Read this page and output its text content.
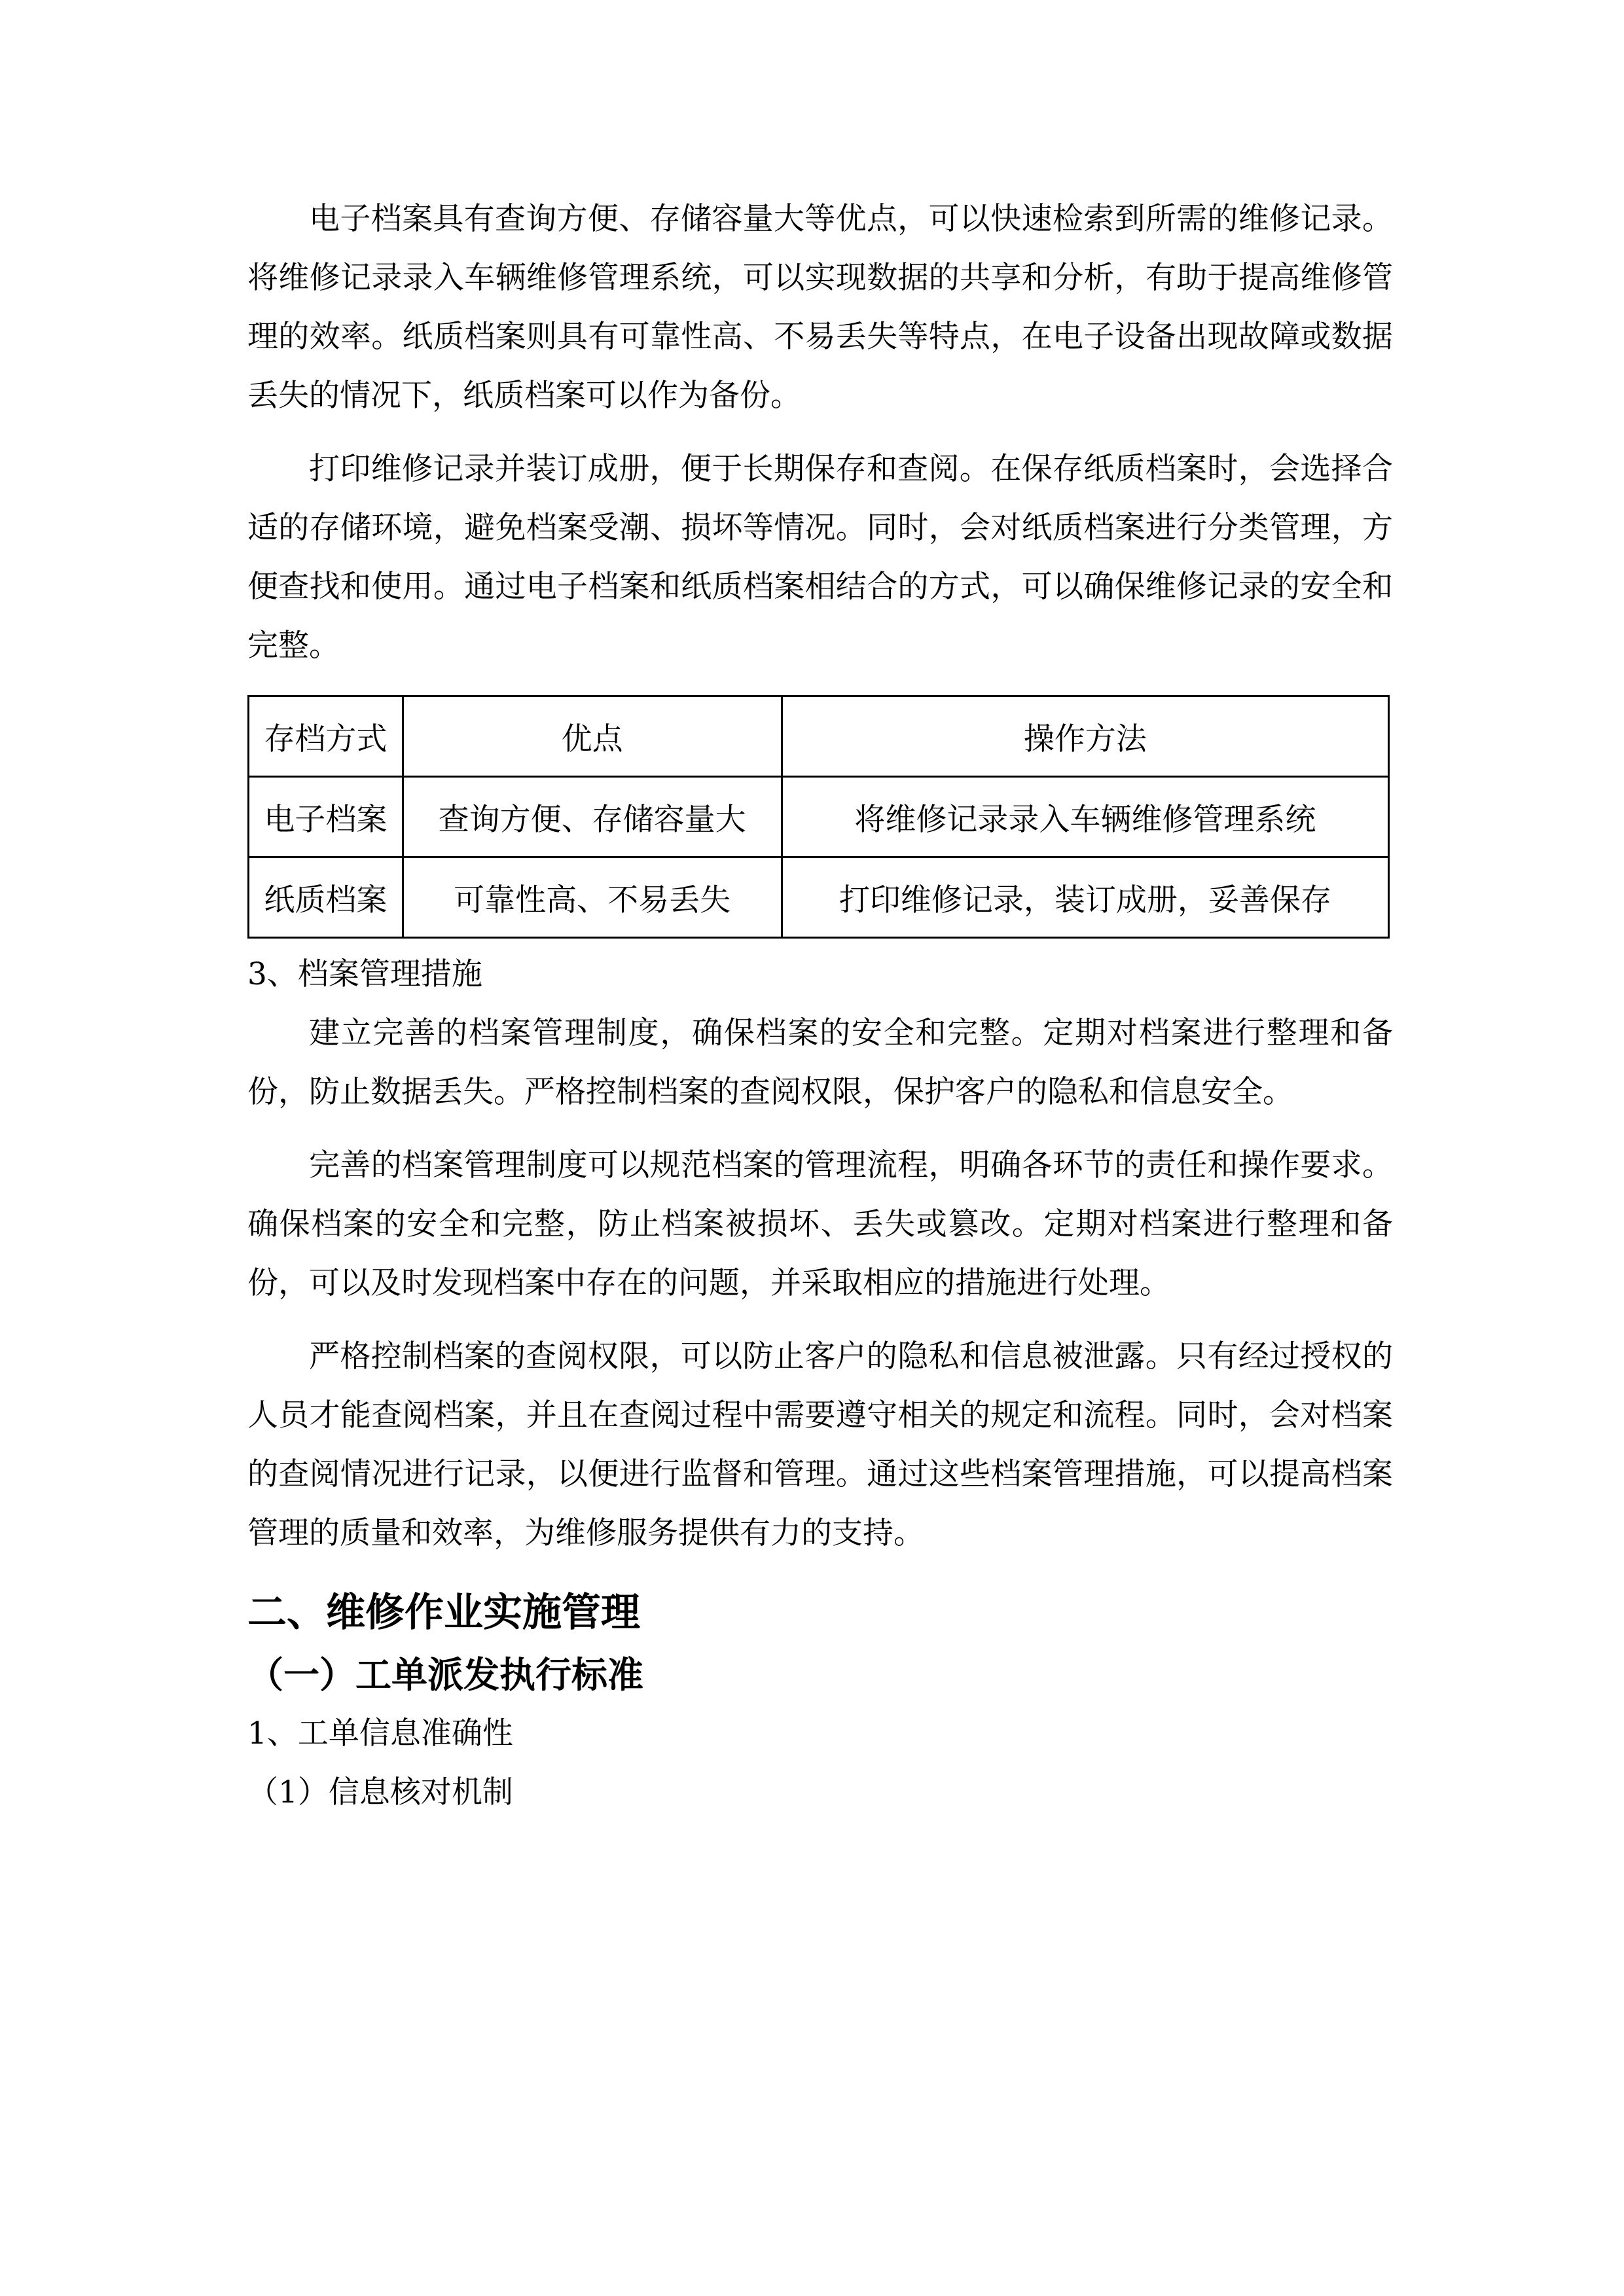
电子档案具有查询方便、存储容量大等优点，可以快速检索到所需的维修记录。将维修记录录入车辆维修管理系统，可以实现数据的共享和分析，有助于提高维修管理的效率。纸质档案则具有可靠性高、不易丢失等特点，在电子设备出现故障或数据丢失的情况下，纸质档案可以作为备份。

打印维修记录并装订成册，便于长期保存和查阅。在保存纸质档案时，会选择合适的存储环境，避免档案受潮、损坏等情况。同时，会对纸质档案进行分类管理，方便查找和使用。通过电子档案和纸质档案相结合的方式，可以确保维修记录的安全和完整。

存档方式	优点	操作方法
电子档案	查询方便、存储容量大	将维修记录录入车辆维修管理系统
纸质档案	可靠性高、不易丢失	打印维修记录，装订成册，妥善保存

3、档案管理措施

建立完善的档案管理制度，确保档案的安全和完整。定期对档案进行整理和备份，防止数据丢失。严格控制档案的查阅权限，保护客户的隐私和信息安全。

完善的档案管理制度可以规范档案的管理流程，明确各环节的责任和操作要求。确保档案的安全和完整，防止档案被损坏、丢失或篡改。定期对档案进行整理和备份，可以及时发现档案中存在的问题，并采取相应的措施进行处理。

严格控制档案的查阅权限，可以防止客户的隐私和信息被泄露。只有经过授权的人员才能查阅档案，并且在查阅过程中需要遵守相关的规定和流程。同时，会对档案的查阅情况进行记录，以便进行监督和管理。通过这些档案管理措施，可以提高档案管理的质量和效率，为维修服务提供有力的支持。

二、维修作业实施管理
（一）工单派发执行标准

1、工单信息准确性

（1）信息核对机制
